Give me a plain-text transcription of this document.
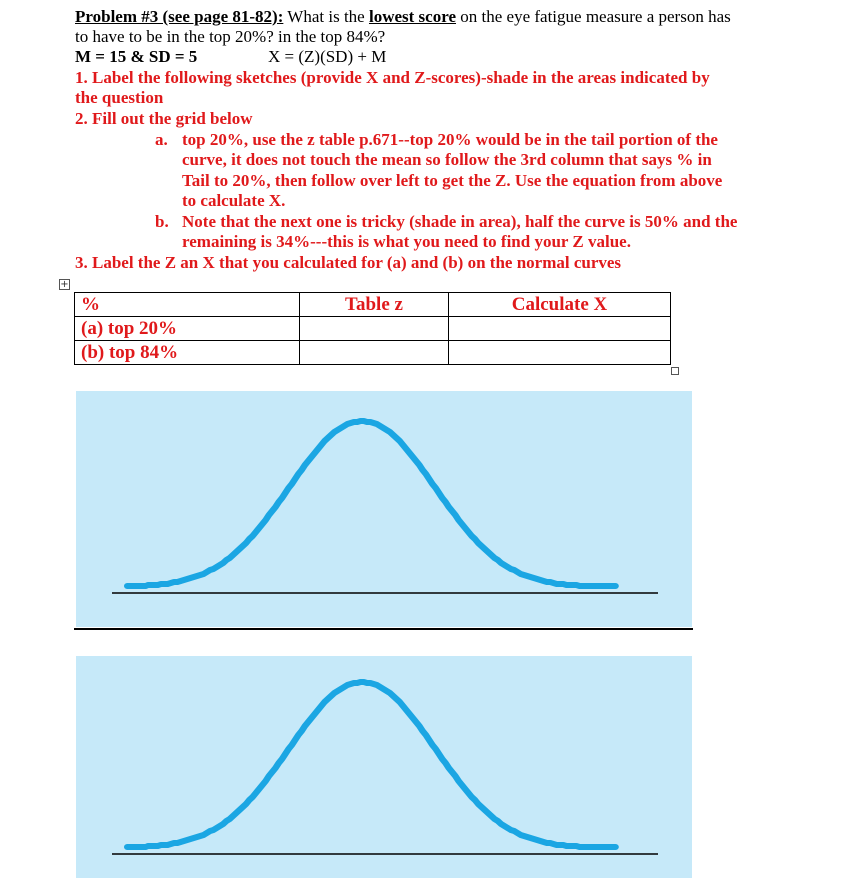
Problem #3 (see page 81-82): What is the lowest score on the eye fatigue measure a person has
to have to be in the top 20%? in the top 84%?
M = 15 & SD = 5	X = (Z)(SD) + M
1. Label the following sketches (provide X and Z-scores)-shade in the areas indicated by
the question
2. Fill out the grid below
a. top 20%, use the z table p.671--top 20% would be in the tail portion of the
curve, it does not touch the mean so follow the 3rd column that says % in
Tail to 20%, then follow over left to get the Z. Use the equation from above
to calculate X.
b. Note that the next one is tricky (shade in area), half the curve is 50% and the
remaining is 34%---this is what you need to find your Z value.
3. Label the Z an X that you calculated for (a) and (b) on the normal curves
+
%	Table z	Calculate X
(a) top 20%		
(b) top 84%		
